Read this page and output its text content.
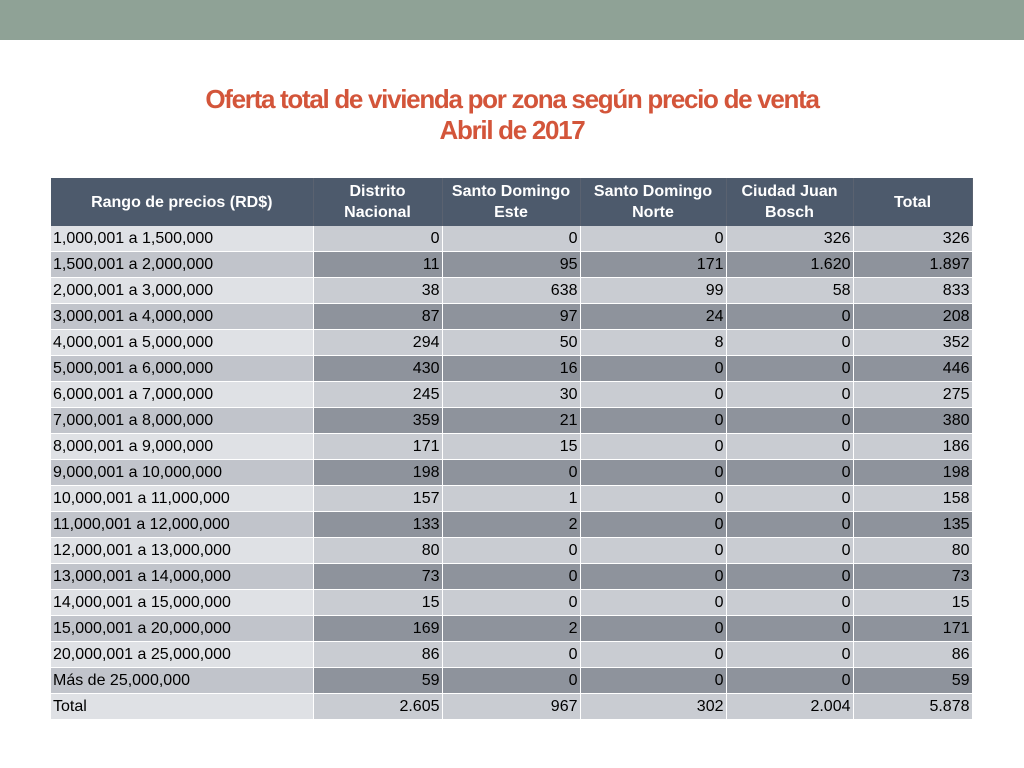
Oferta total de vivienda por zona según precio de venta
Abril de 2017
Rango de precios (RD$)	Distrito Nacional	Santo Domingo Este	Santo Domingo Norte	Ciudad Juan Bosch	Total
1,000,001 a 1,500,000	0	0	0	326	326
1,500,001 a 2,000,000	11	95	171	1.620	1.897
2,000,001 a 3,000,000	38	638	99	58	833
3,000,001 a 4,000,000	87	97	24	0	208
4,000,001 a 5,000,000	294	50	8	0	352
5,000,001 a 6,000,000	430	16	0	0	446
6,000,001 a 7,000,000	245	30	0	0	275
7,000,001 a 8,000,000	359	21	0	0	380
8,000,001 a 9,000,000	171	15	0	0	186
9,000,001 a 10,000,000	198	0	0	0	198
10,000,001 a 11,000,000	157	1	0	0	158
11,000,001 a 12,000,000	133	2	0	0	135
12,000,001 a 13,000,000	80	0	0	0	80
13,000,001 a 14,000,000	73	0	0	0	73
14,000,001 a 15,000,000	15	0	0	0	15
15,000,001 a 20,000,000	169	2	0	0	171
20,000,001 a 25,000,000	86	0	0	0	86
Más de 25,000,000	59	0	0	0	59
Total	2.605	967	302	2.004	5.878
